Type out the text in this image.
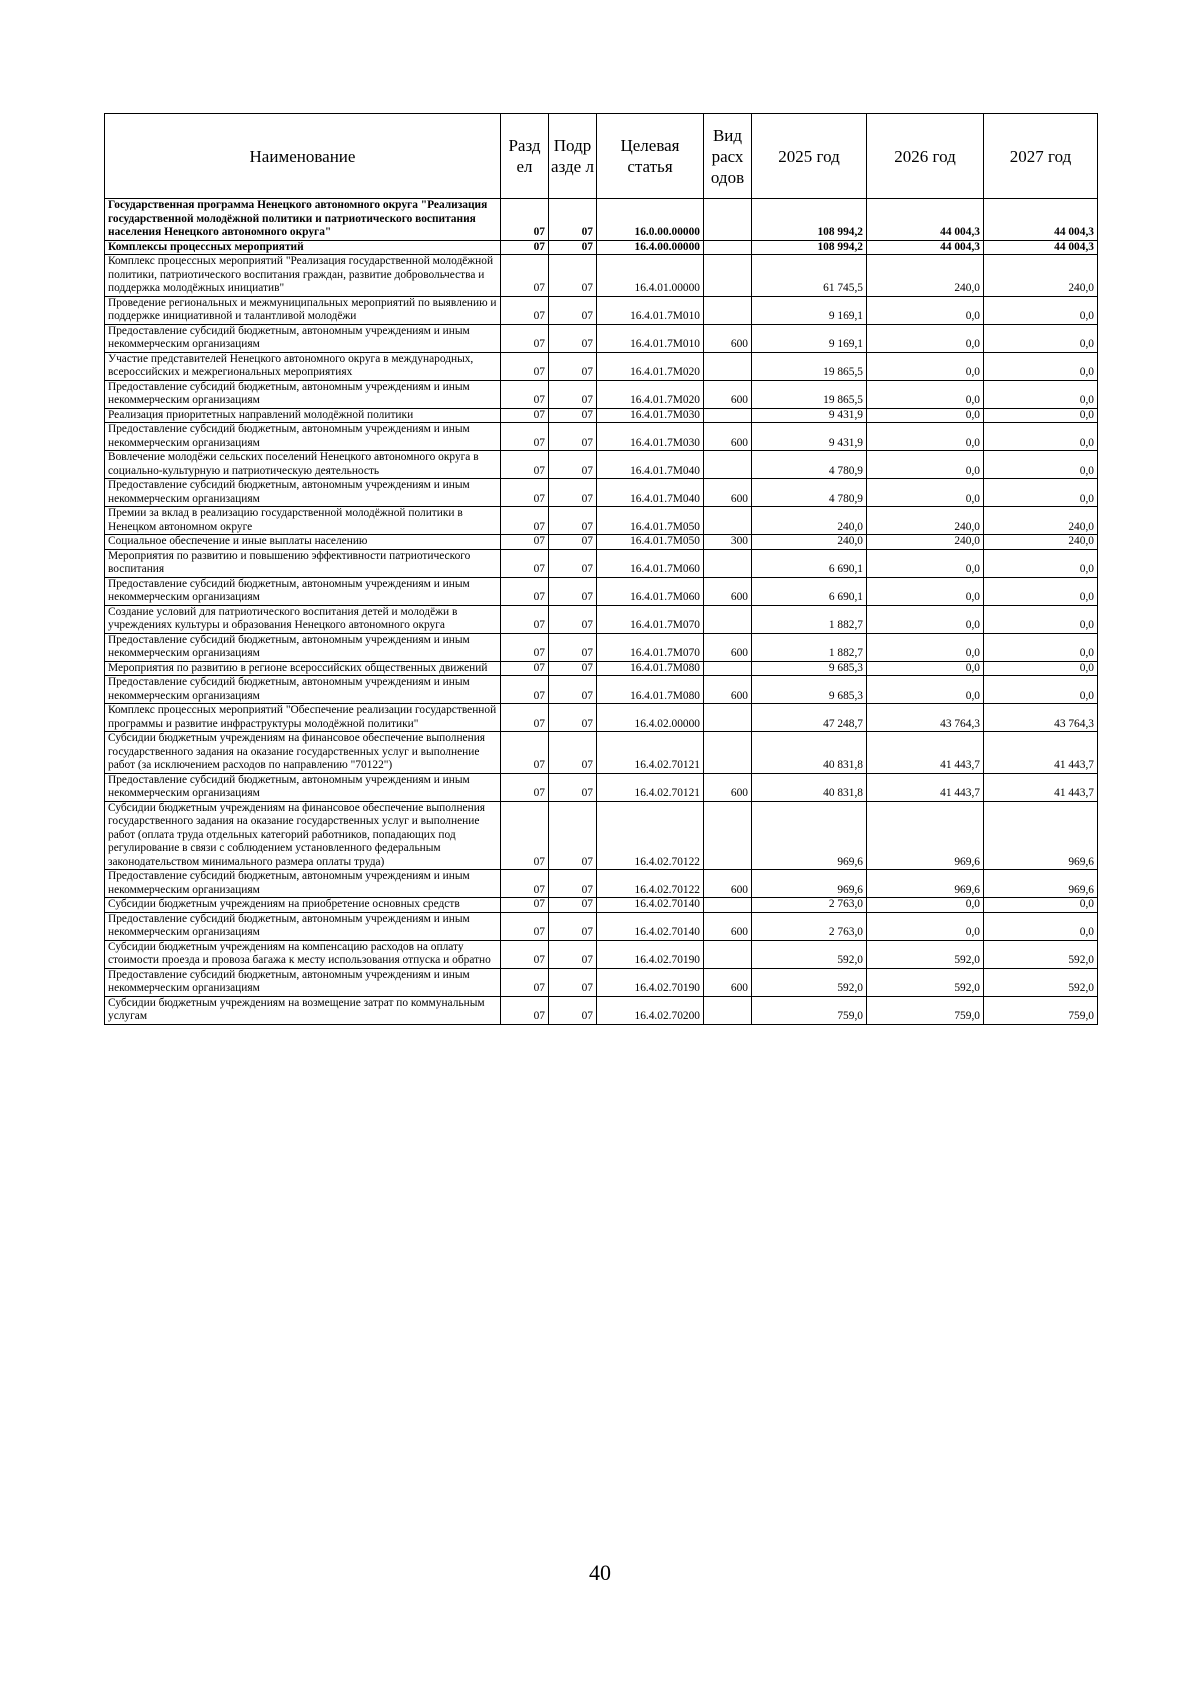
Наименование	Разд ел	Подр азде л	Целевая статья	Вид расх одов	2025 год	2026 год	2027 год
Государственная программа Ненецкого автономного округа "Реализация государственной молодёжной политики и патриотического воспитания населения Ненецкого автономного округа"	07	07	16.0.00.00000		108 994,2	44 004,3	44 004,3
Комплексы процессных мероприятий	07	07	16.4.00.00000		108 994,2	44 004,3	44 004,3
Комплекс процессных мероприятий "Реализация государственной молодёжной политики, патриотического воспитания граждан, развитие добровольчества и поддержка молодёжных инициатив"	07	07	16.4.01.00000		61 745,5	240,0	240,0
Проведение региональных и межмуниципальных мероприятий по выявлению и поддержке инициативной и талантливой молодёжи	07	07	16.4.01.7М010		9 169,1	0,0	0,0
Предоставление субсидий бюджетным, автономным учреждениям и иным некоммерческим организациям	07	07	16.4.01.7М010	600	9 169,1	0,0	0,0
Участие представителей Ненецкого автономного округа в международных, всероссийских и межрегиональных мероприятиях	07	07	16.4.01.7М020		19 865,5	0,0	0,0
Предоставление субсидий бюджетным, автономным учреждениям и иным некоммерческим организациям	07	07	16.4.01.7М020	600	19 865,5	0,0	0,0
Реализация приоритетных направлений молодёжной политики	07	07	16.4.01.7М030		9 431,9	0,0	0,0
Предоставление субсидий бюджетным, автономным учреждениям и иным некоммерческим организациям	07	07	16.4.01.7М030	600	9 431,9	0,0	0,0
Вовлечение молодёжи сельских поселений Ненецкого автономного округа в социально-культурную и патриотическую деятельность	07	07	16.4.01.7М040		4 780,9	0,0	0,0
Предоставление субсидий бюджетным, автономным учреждениям и иным некоммерческим организациям	07	07	16.4.01.7М040	600	4 780,9	0,0	0,0
Премии за вклад в реализацию государственной молодёжной политики в Ненецком автономном округе	07	07	16.4.01.7М050		240,0	240,0	240,0
Социальное обеспечение и иные выплаты населению	07	07	16.4.01.7М050	300	240,0	240,0	240,0
Мероприятия по развитию и повышению эффективности патриотического воспитания	07	07	16.4.01.7М060		6 690,1	0,0	0,0
Предоставление субсидий бюджетным, автономным учреждениям и иным некоммерческим организациям	07	07	16.4.01.7М060	600	6 690,1	0,0	0,0
Создание условий для патриотического воспитания детей и молодёжи в учреждениях культуры и образования Ненецкого автономного округа	07	07	16.4.01.7М070		1 882,7	0,0	0,0
Предоставление субсидий бюджетным, автономным учреждениям и иным некоммерческим организациям	07	07	16.4.01.7М070	600	1 882,7	0,0	0,0
Мероприятия по развитию в регионе всероссийских общественных движений	07	07	16.4.01.7М080		9 685,3	0,0	0,0
Предоставление субсидий бюджетным, автономным учреждениям и иным некоммерческим организациям	07	07	16.4.01.7М080	600	9 685,3	0,0	0,0
Комплекс процессных мероприятий "Обеспечение реализации государственной программы и развитие инфраструктуры молодёжной политики"	07	07	16.4.02.00000		47 248,7	43 764,3	43 764,3
Субсидии бюджетным учреждениям на финансовое обеспечение выполнения государственного задания на оказание государственных услуг и выполнение работ (за исключением расходов по направлению "70122")	07	07	16.4.02.70121		40 831,8	41 443,7	41 443,7
Предоставление субсидий бюджетным, автономным учреждениям и иным некоммерческим организациям	07	07	16.4.02.70121	600	40 831,8	41 443,7	41 443,7
Субсидии бюджетным учреждениям на финансовое обеспечение выполнения государственного задания на оказание государственных услуг и выполнение работ (оплата труда отдельных категорий работников, попадающих под регулирование в связи с соблюдением установленного федеральным законодательством минимального размера оплаты труда)	07	07	16.4.02.70122		969,6	969,6	969,6
Предоставление субсидий бюджетным, автономным учреждениям и иным некоммерческим организациям	07	07	16.4.02.70122	600	969,6	969,6	969,6
Субсидии бюджетным учреждениям на приобретение основных средств	07	07	16.4.02.70140		2 763,0	0,0	0,0
Предоставление субсидий бюджетным, автономным учреждениям и иным некоммерческим организациям	07	07	16.4.02.70140	600	2 763,0	0,0	0,0
Субсидии бюджетным учреждениям на компенсацию расходов на оплату стоимости проезда и провоза багажа к месту использования отпуска и обратно	07	07	16.4.02.70190		592,0	592,0	592,0
Предоставление субсидий бюджетным, автономным учреждениям и иным некоммерческим организациям	07	07	16.4.02.70190	600	592,0	592,0	592,0
Субсидии бюджетным учреждениям на возмещение затрат по коммунальным услугам	07	07	16.4.02.70200		759,0	759,0	759,0
40
